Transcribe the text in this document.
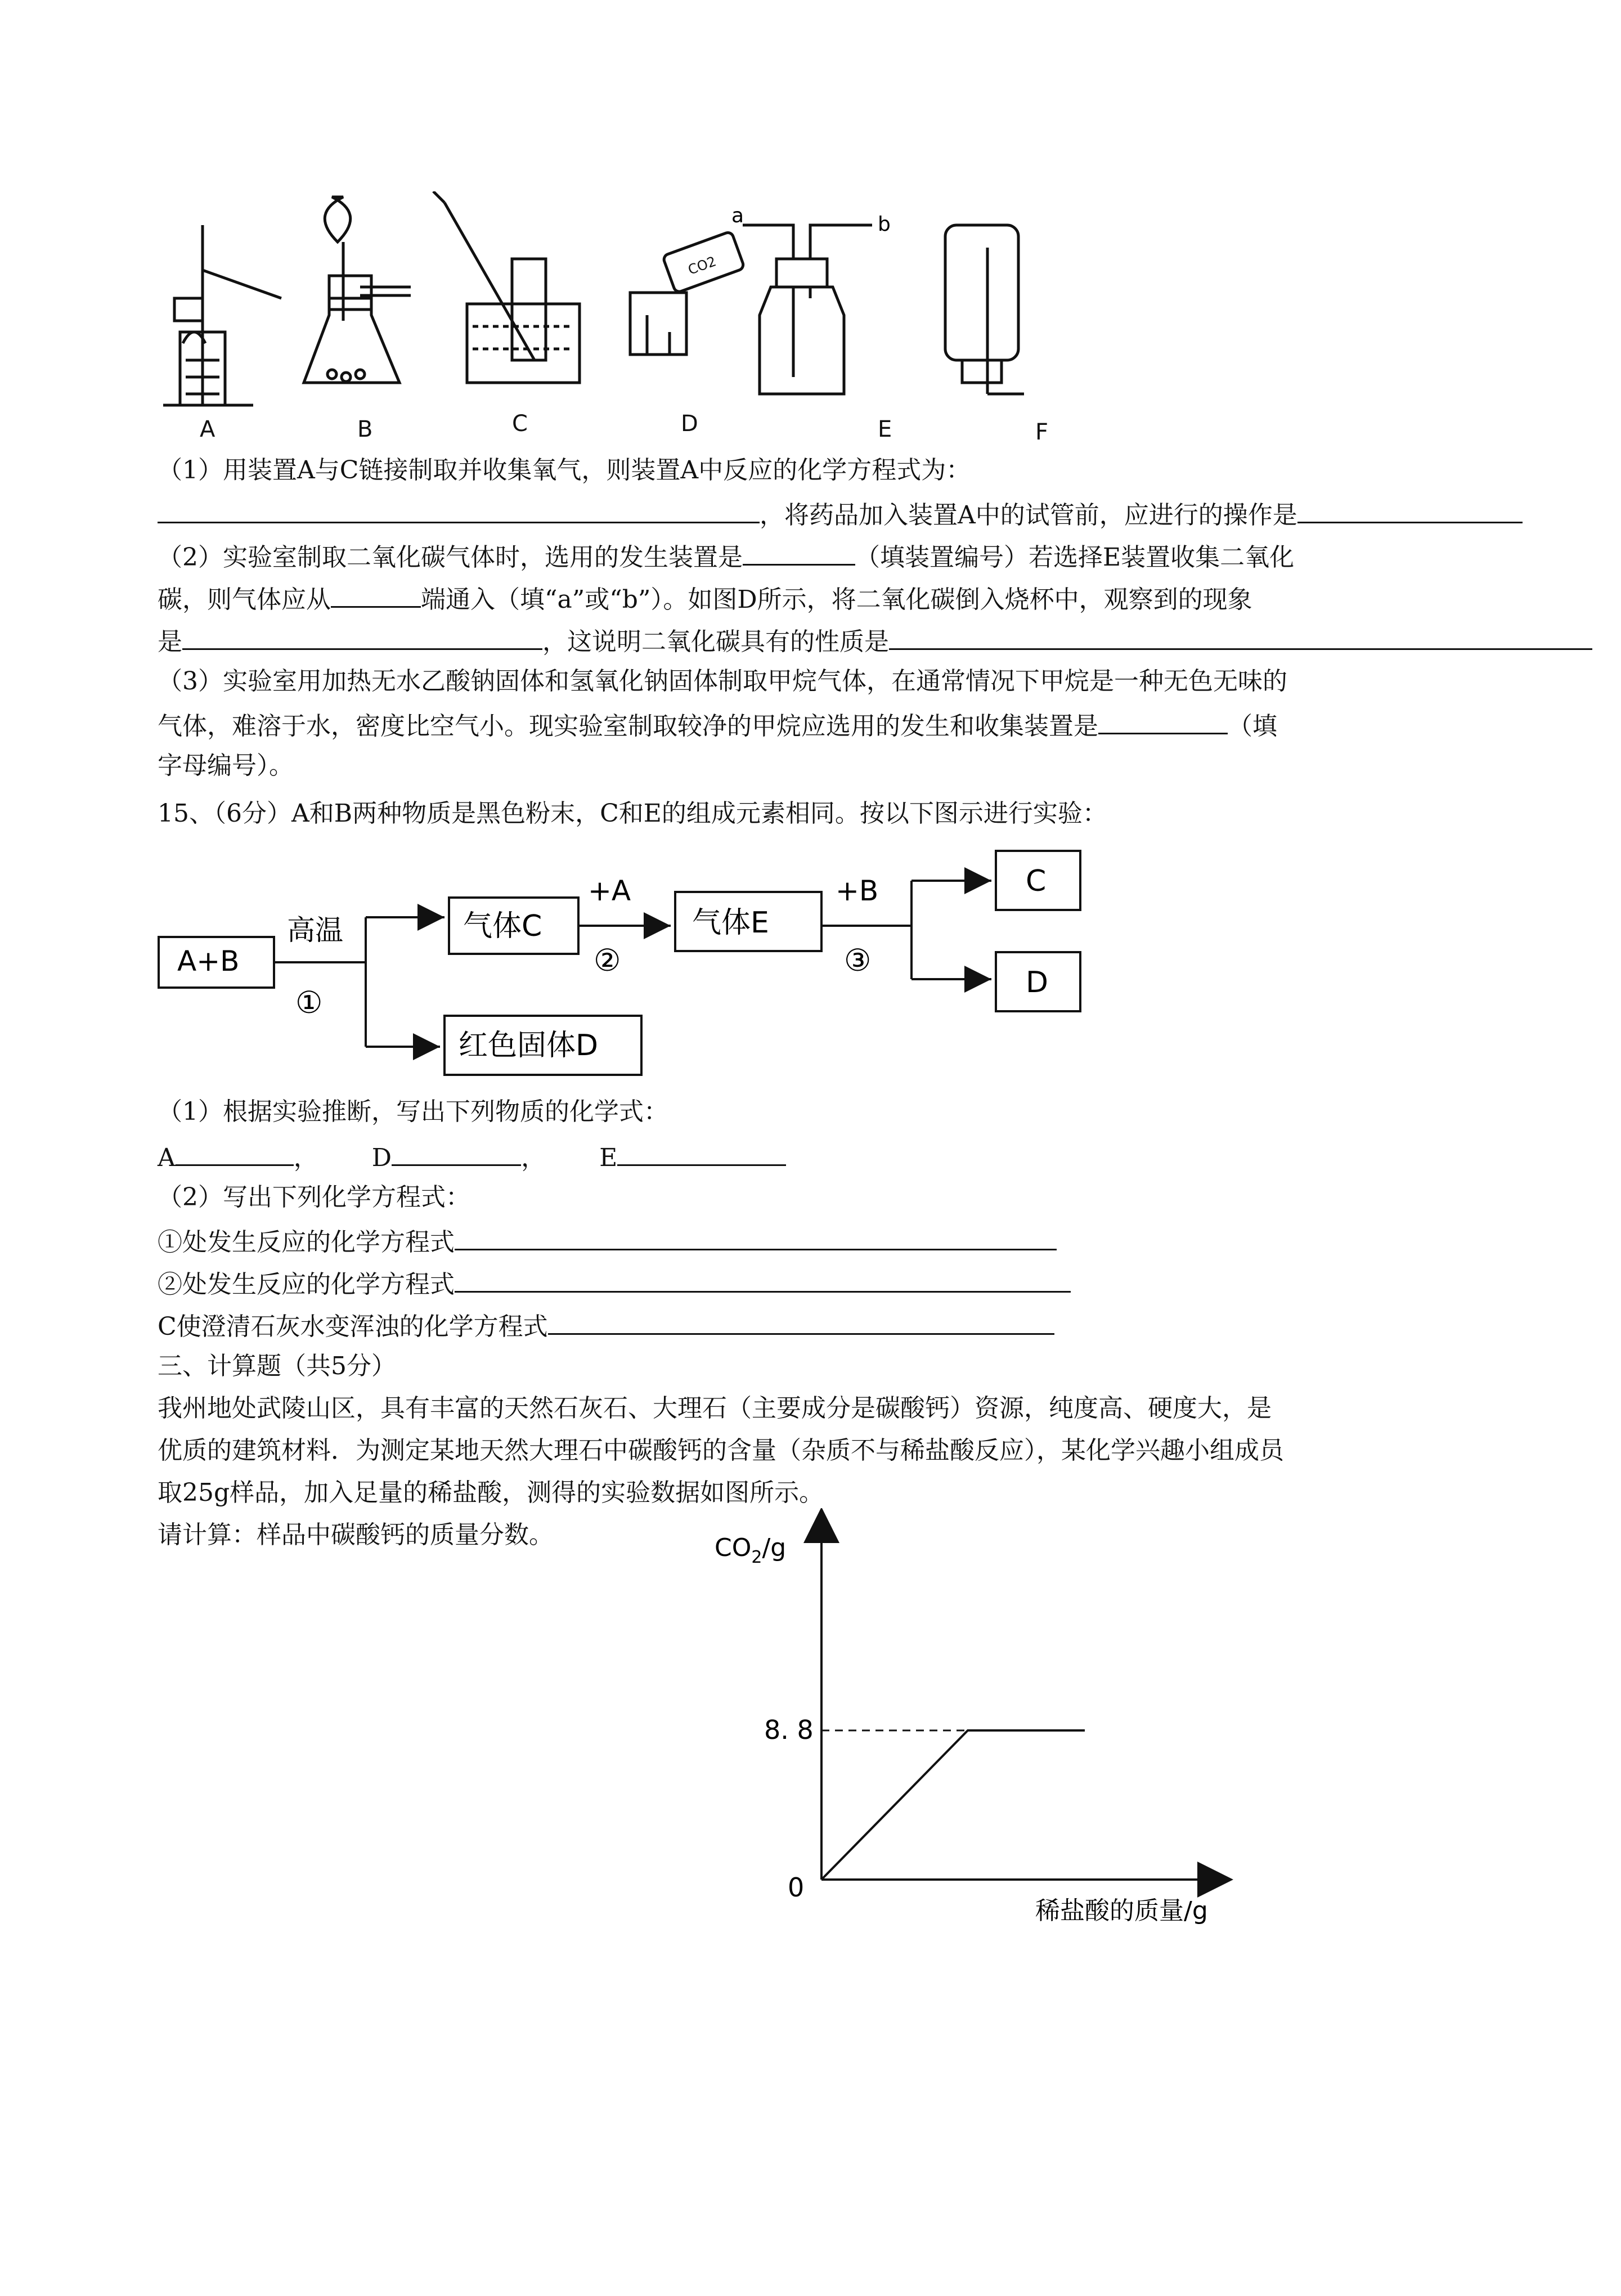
CO2
a	b
A	B	C	D	E	F
（1）用装置A与C链接制取并收集氧气，则装置A中反应的化学方程式为：
，将药品加入装置A中的试管前，应进行的操作是
（2）实验室制取二氧化碳气体时，选用的发生装置是	（填装置编号）若选择E装置收集二氧化
碳，则气体应从	端通入（填“a”或“b”）。如图D所示，将二氧化碳倒入烧杯中，观察到的现象
是	，这说明二氧化碳具有的性质是
（3）实验室用加热无水乙酸钠固体和氢氧化钠固体制取甲烷气体，在通常情况下甲烷是一种无色无味的
气体，难溶于水，密度比空气小。现实验室制取较净的甲烷应选用的发生和收集装置是	（填
字母编号）。
15、（6分）A和B两种物质是黑色粉末，C和E的组成元素相同。按以下图示进行实验：
A+B
高温
①
气体C
+A
②
气体E
+B
③
C
D
红色固体D
（1）根据实验推断，写出下列物质的化学式：
A	， D	， E
（2）写出下列化学方程式：
①处发生反应的化学方程式
②处发生反应的化学方程式
C使澄清石灰水变浑浊的化学方程式
三、计算题（共5分）
我州地处武陵山区，具有丰富的天然石灰石、大理石（主要成分是碳酸钙）资源，纯度高、硬度大，是
优质的建筑材料．为测定某地天然大理石中碳酸钙的含量（杂质不与稀盐酸反应），某化学兴趣小组成员
取25g样品，加入足量的稀盐酸，测得的实验数据如图所示。
请计算：样品中碳酸钙的质量分数。	$CO_2/g$
8. 8
0
稀盐酸的质量/g
